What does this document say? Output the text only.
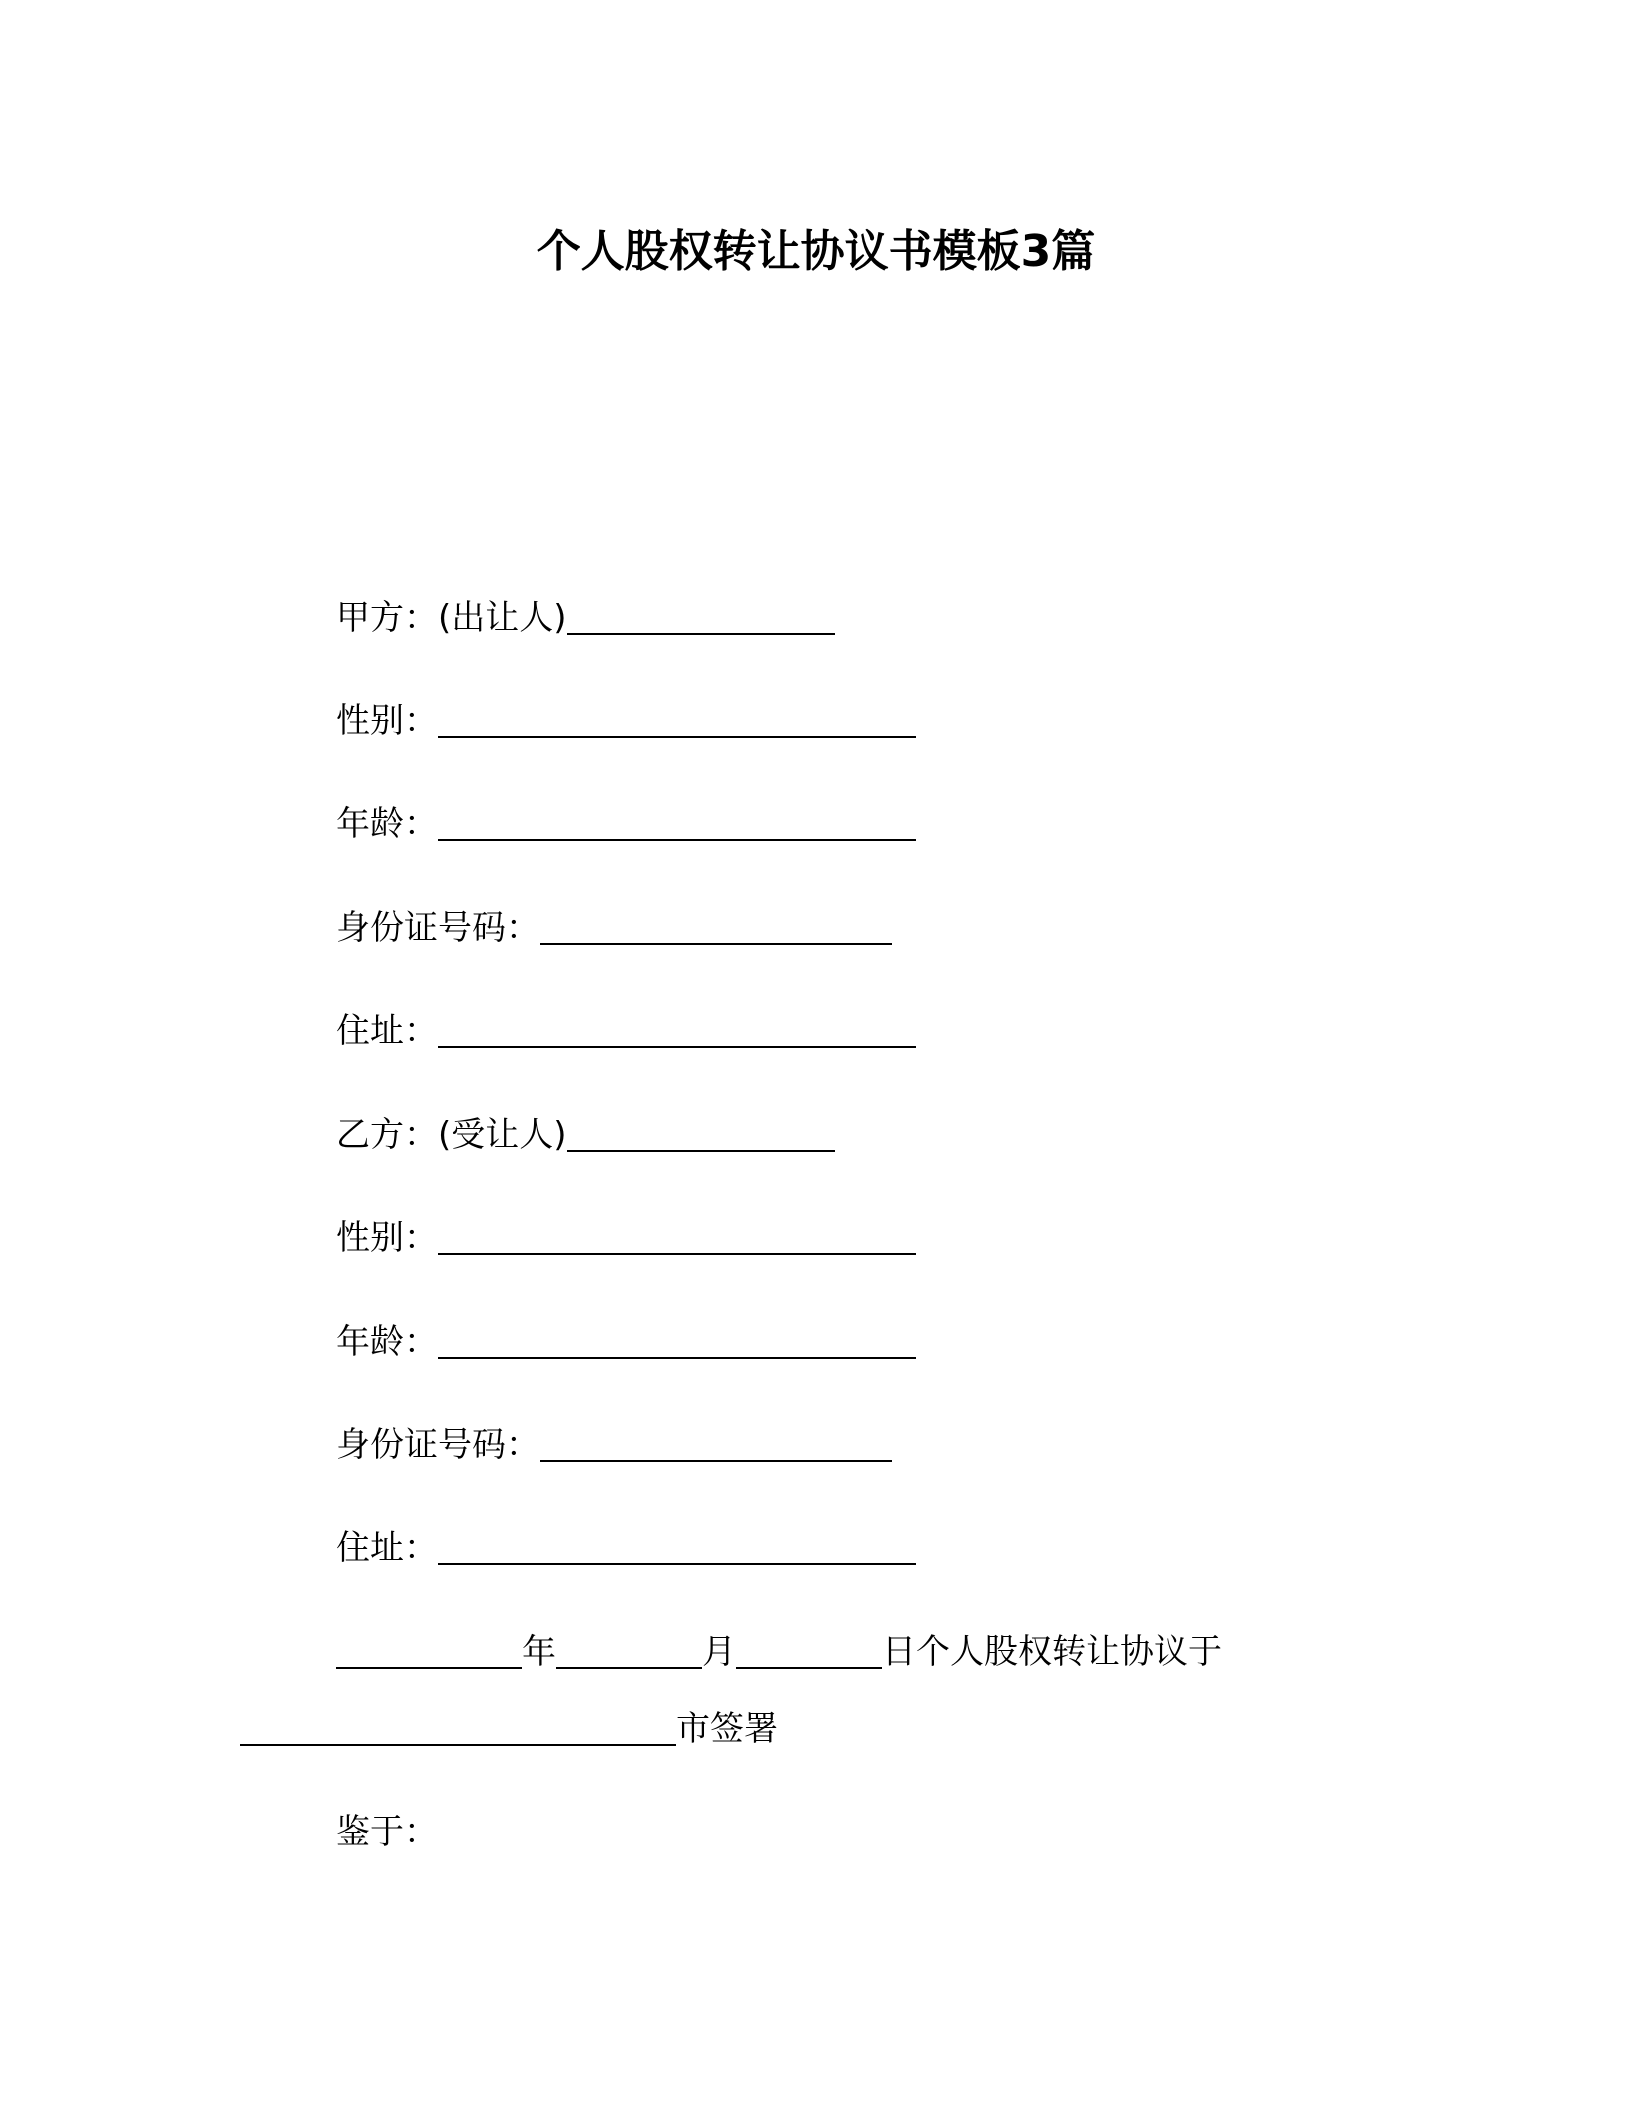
个人股权转让协议书模板3篇
甲方：(出让人)
性别：
年龄：
身份证号码：
住址：
乙方：(受让人)
性别：
年龄：
身份证号码：
住址：
年	月	日个人股权转让协议于
市签署
鉴于：
